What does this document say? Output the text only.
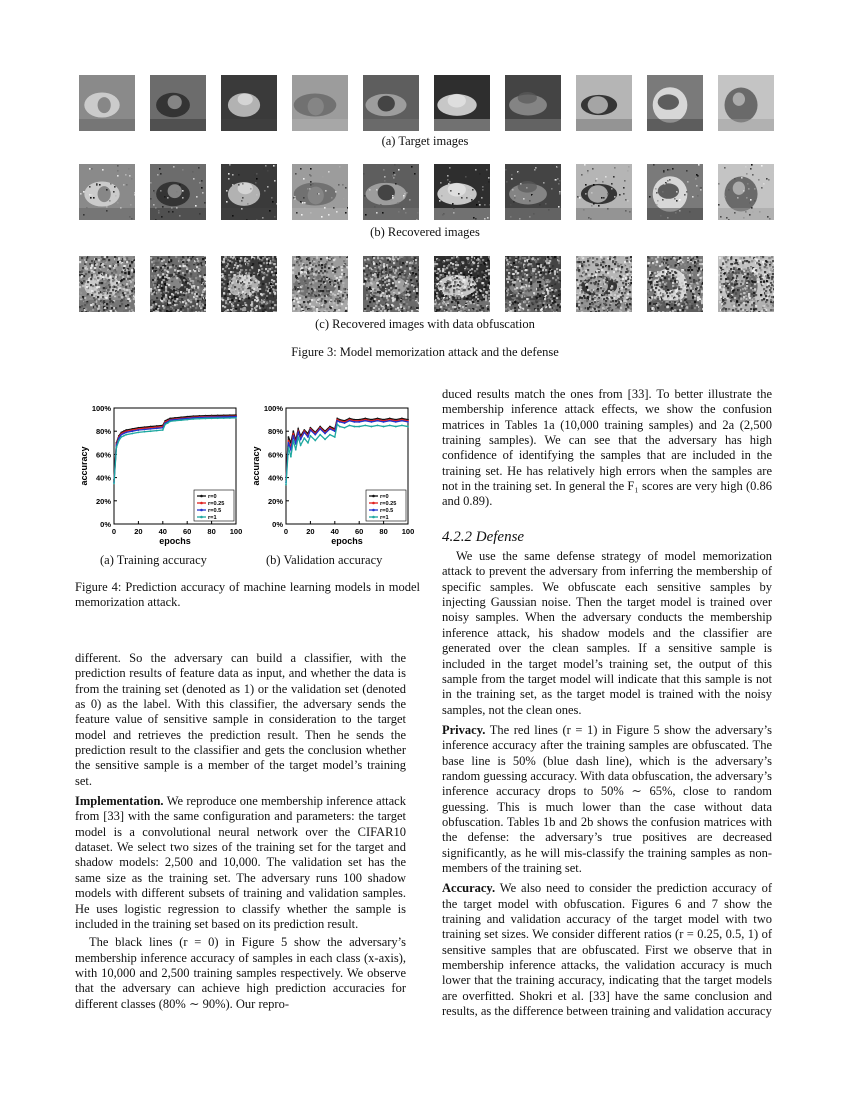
(a) Target images
(b) Recovered images
(c) Recovered images with data obfuscation
Figure 3: Model memorization attack and the defense
0%
20%
40%
60%
80%
100%
0 20 40 60 80 100
epochs
accuracy
r=0
r=0.25
r=0.5
r=1
0%
20%
40%
60%
80%
100%
0 20 40 60 80 100
epochs
accuracy
r=0
r=0.25
r=0.5
r=1
(a) Training accuracy	(b) Validation accuracy
Figure 4: Prediction accuracy of machine learning models in model memorization attack.

different. So the adversary can build a classifier, with the prediction results of feature data as input, and whether the data is from the training set (denoted as 1) or the validation set (denoted as 0) as the label. With this classifier, the adversary sends the feature value of sensitive sample in consideration to the target model and retrieves the prediction result. Then he sends the prediction result to the classifier and gets the conclusion whether the sensitive sample is a member of the target model’s training set.

Implementation. We reproduce one membership inference attack from [33] with the same configuration and parameters: the target model is a convolutional neural network over the CIFAR10 dataset. We select two sizes of the training set for the target and shadow models: 2,500 and 10,000. The validation set has the same size as the training set. The adversary runs 100 shadow models with different subsets of training and validation samples. He uses logistic regression to classify whether the sample is included in the training set based on its prediction result.

The black lines (r = 0) in Figure 5 show the adversary’s membership inference accuracy of samples in each class (x-axis), with 10,000 and 2,500 training samples respectively. We observe that the adversary can achieve high prediction accuracies for different classes (80% ∼ 90%). Our repro-

duced results match the ones from [33]. To better illustrate the membership inference attack effects, we show the confusion matrices in Tables 1a (10,000 training samples) and 2a (2,500 training samples). We can see that the adversary has high confidence of identifying the samples that are included in the training set. He has relatively high errors when the samples are not in the training set. In general the F₁ scores are very high (0.86 and 0.89).

4.2.2 Defense

We use the same defense strategy of model memorization attack to prevent the adversary from inferring the membership of specific samples. We obfuscate each sensitive samples by injecting Gaussian noise. Then the target model is trained over noisy samples. When the adversary conducts the membership inference attack, his shadow models and the classifier are generated over the clean samples. If a sensitive sample is included in the target model’s training set, the output of this sample from the target model will indicate that this sample is not in the training set, as the target model is trained with the noisy samples, not the clean ones.

Privacy. The red lines (r = 1) in Figure 5 show the adversary’s inference accuracy after the training samples are obfuscated. The base line is 50% (blue dash line), which is the adversary’s random guessing accuracy. With data obfuscation, the adversary’s inference accuracy drops to 50% ∼ 65%, close to random guessing. This is much lower than the case without data obfuscation. Tables 1b and 2b shows the confusion matrices with the defense: the adversary’s true positives are decreased significantly, as he will mis-classify the training samples as non-members of the training set.

Accuracy. We also need to consider the prediction accuracy of the target model with obfuscation. Figures 6 and 7 show the training and validation accuracy of the target model with two training set sizes. We consider different ratios (r = 0.25, 0.5, 1) of sensitive samples that are obfuscated. First we observe that in membership inference attacks, the validation accuracy is much lower that the training accuracy, indicating that the target models are overfitted. Shokri et al. [33] have the same conclusion and results, as the difference between training and validation accuracy
